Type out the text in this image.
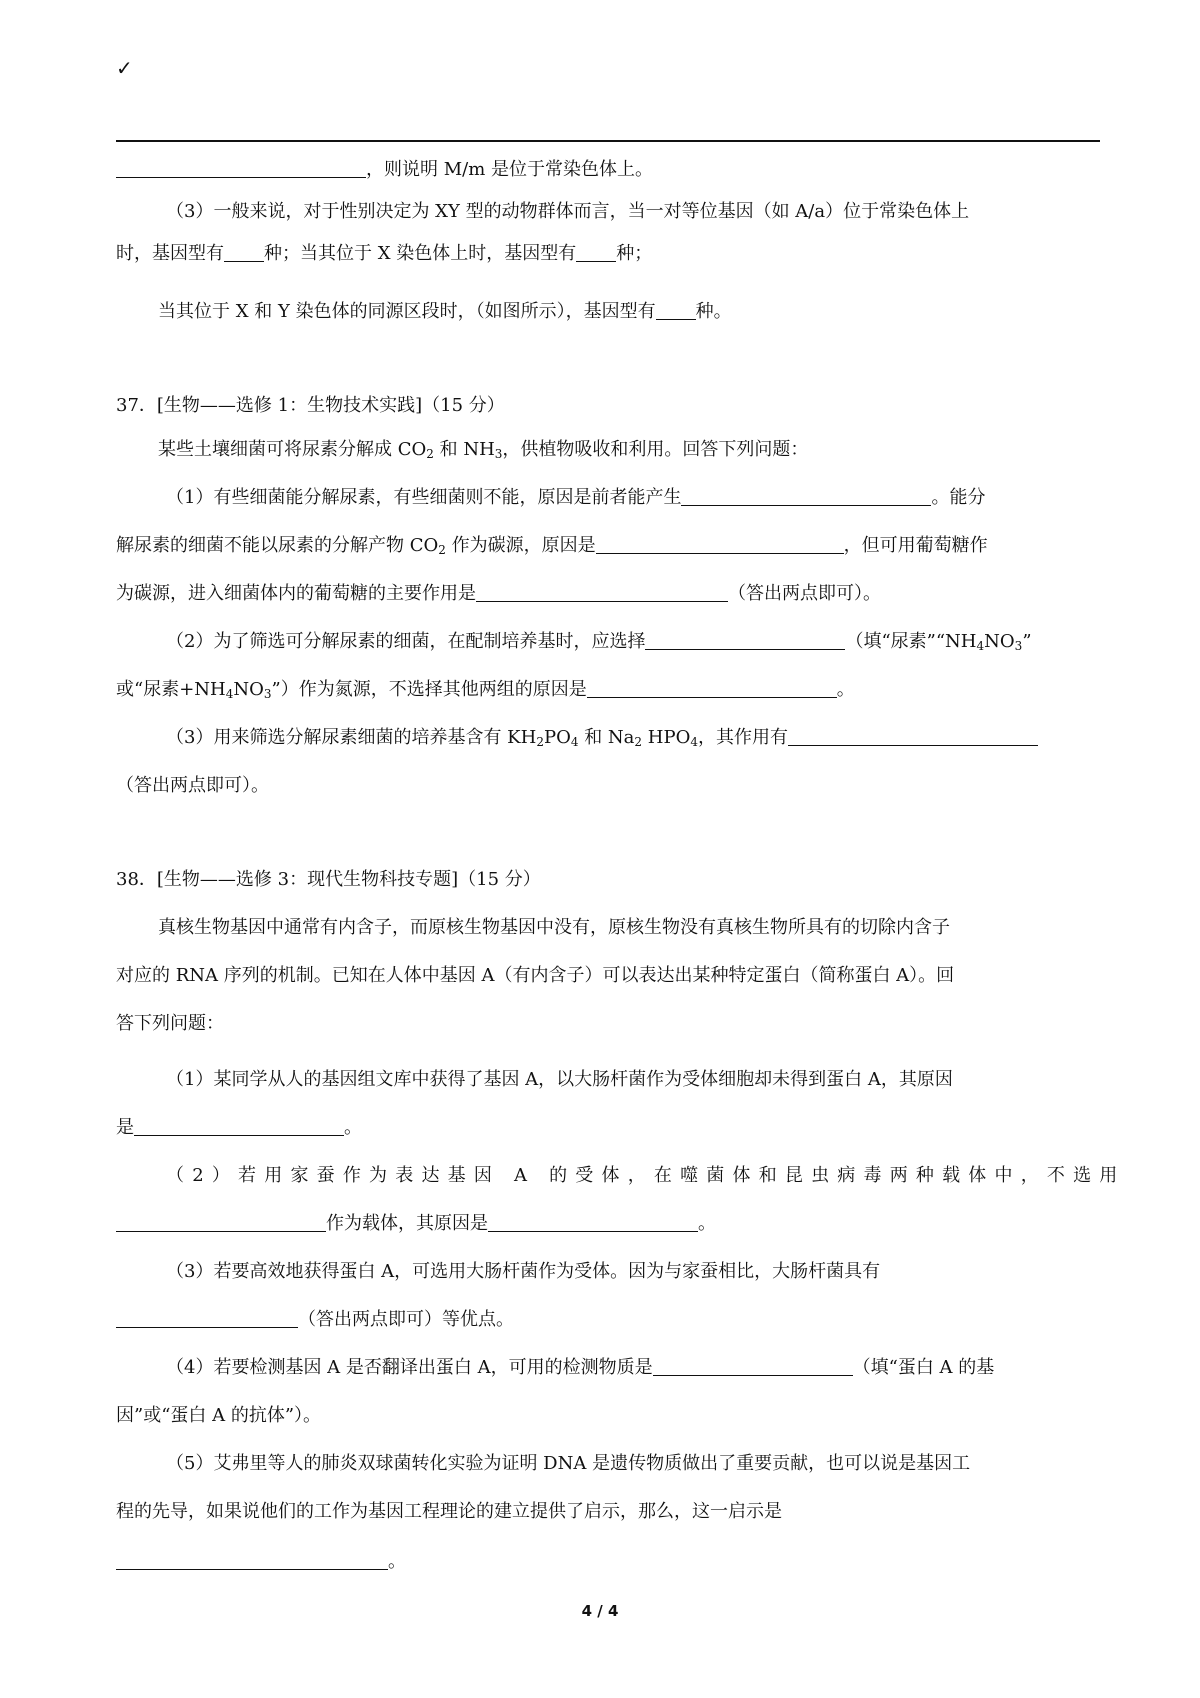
✓
，则说明 M/m 是位于常染色体上。
（3）一般来说，对于性别决定为 XY 型的动物群体而言，当一对等位基因（如 A/a）位于常染色体上
时，基因型有 种；当其位于 X 染色体上时，基因型有 种；
当其位于 X 和 Y 染色体的同源区段时，（如图所示），基因型有 种。
37．[生物——选修 1：生物技术实践]（15 分）
某些土壤细菌可将尿素分解成 $CO_2$ 和 $NH_3$，供植物吸收和利用。回答下列问题：
（1）有些细菌能分解尿素，有些细菌则不能，原因是前者能产生	。能分
解尿素的细菌不能以尿素的分解产物 $CO_2$ 作为碳源，原因是	，但可用葡萄糖作
为碳源，进入细菌体内的葡萄糖的主要作用是	（答出两点即可）。
（2）为了筛选可分解尿素的细菌，在配制培养基时，应选择	（填“尿素$”“NH_4NO_3$”
或“尿素$+NH_4NO_3$”）作为氮源，不选择其他两组的原因是	。
（3）用来筛选分解尿素细菌的培养基含有 $KH_2PO_4$ 和 $Na_2$ $HPO_4$，其作用有
（答出两点即可）。
38．[生物——选修 3：现代生物科技专题]（15 分）
真核生物基因中通常有内含子，而原核生物基因中没有，原核生物没有真核生物所具有的切除内含子
对应的 RNA 序列的机制。已知在人体中基因 A（有内含子）可以表达出某种特定蛋白（简称蛋白 A）。回
答下列问题：
（1）某同学从人的基因组文库中获得了基因 A，以大肠杆菌作为受体细胞却未得到蛋白 A，其原因
是	。
（2）若用家蚕作为表达基因 A 的受体，在噬菌体和昆虫病毒两种载体中，不选用
作为载体，其原因是	。
（3）若要高效地获得蛋白 A，可选用大肠杆菌作为受体。因为与家蚕相比，大肠杆菌具有
（答出两点即可）等优点。
（4）若要检测基因 A 是否翻译出蛋白 A，可用的检测物质是	（填“蛋白 A 的基
因”或“蛋白 A 的抗体”）。
（5）艾弗里等人的肺炎双球菌转化实验为证明 DNA 是遗传物质做出了重要贡献，也可以说是基因工
程的先导，如果说他们的工作为基因工程理论的建立提供了启示，那么，这一启示是
。
4 / 4
